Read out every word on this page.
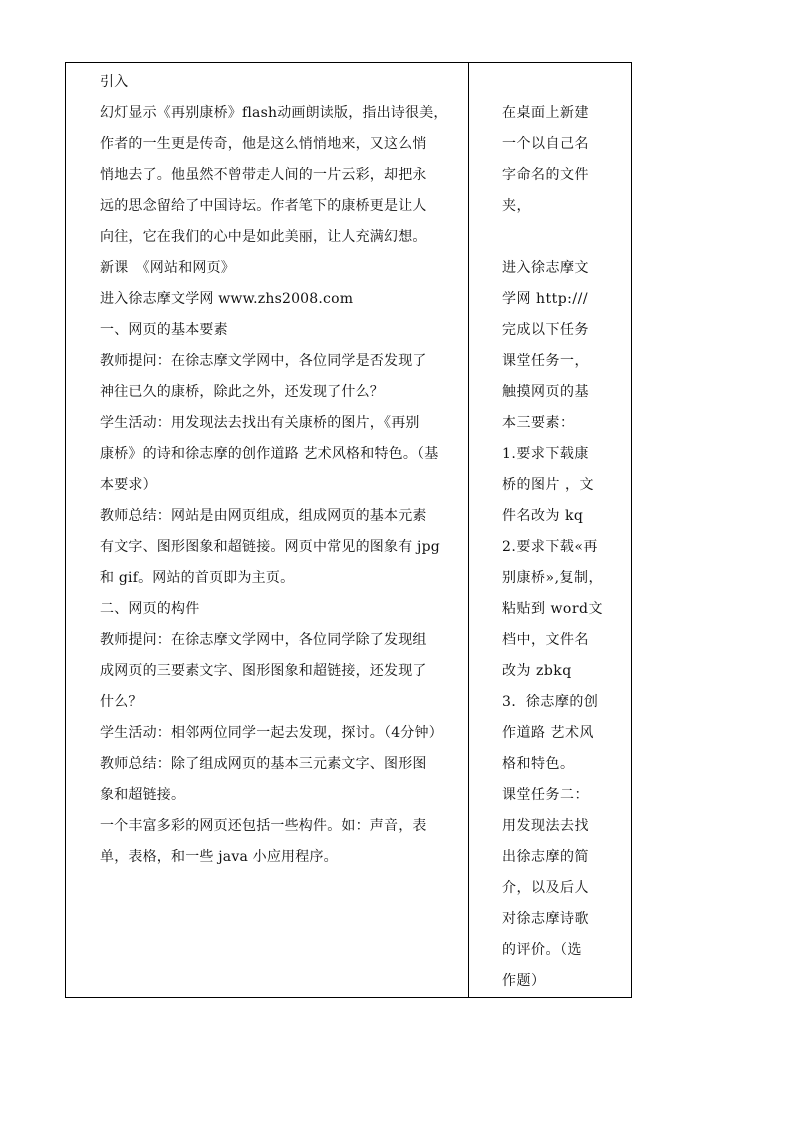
引入
幻灯显示《再别康桥》flash动画朗读版，指出诗很美，
作者的一生更是传奇，他是这么悄悄地来，又这么悄
悄地去了。他虽然不曾带走人间的一片云彩，却把永
远的思念留给了中国诗坛。作者笔下的康桥更是让人
向往，它在我们的心中是如此美丽，让人充满幻想。
新课　《网站和网页》
进入徐志摩文学网 www.zhs2008.com
一、网页的基本要素
教师提问：在徐志摩文学网中，各位同学是否发现了
神往已久的康桥，除此之外，还发现了什么？
学生活动：用发现法去找出有关康桥的图片，《再别
康桥》的诗和徐志摩的创作道路 艺术风格和特色。（基
本要求）
教师总结：网站是由网页组成，组成网页的基本元素
有文字、图形图象和超链接。网页中常见的图象有 jpg
和 gif。网站的首页即为主页。
二、网页的构件
教师提问：在徐志摩文学网中，各位同学除了发现组
成网页的三要素文字、图形图象和超链接，还发现了
什么？
学生活动：相邻两位同学一起去发现，探讨。（4分钟）
教师总结：除了组成网页的基本三元素文字、图形图
象和超链接。
一个丰富多彩的网页还包括一些构件。如：声音，表
单，表格，和一些 java 小应用程序。
在桌面上新建
一个以自己名
字命名的文件
夹，
进入徐志摩文
学网 http:///
完成以下任务
课堂任务一，
触摸网页的基
本三要素：
1.要求下载康
桥的图片 ，文
件名改为 kq
2.要求下载«再
别康桥»,复制，
粘贴到 word文
档中，文件名
改为 zbkq
3．徐志摩的创
作道路 艺术风
格和特色。
课堂任务二：
用发现法去找
出徐志摩的简
介，以及后人
对徐志摩诗歌
的评价。（选
作题）
